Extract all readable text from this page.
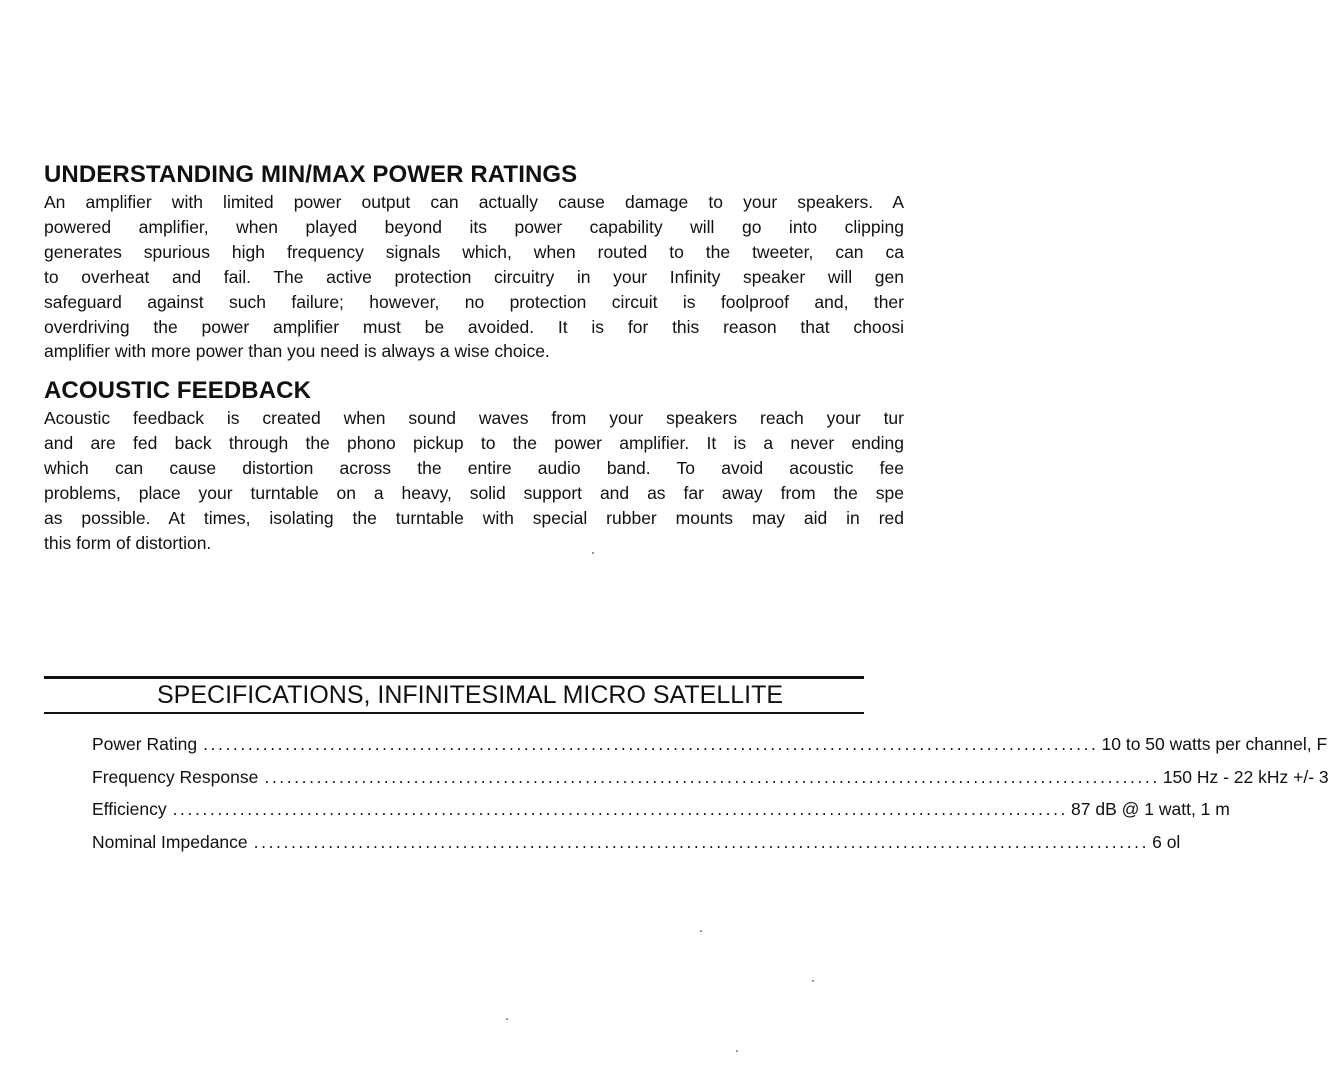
UNDERSTANDING MIN/MAX POWER RATINGS
An amplifier with limited power output can actually cause damage to your speakers. A
powered amplifier, when played beyond its power capability will go into clipping
generates spurious high frequency signals which, when routed to the tweeter, can ca
to overheat and fail. The active protection circuitry in your Infinity speaker will gen
safeguard against such failure; however, no protection circuit is foolproof and, ther
overdriving the power amplifier must be avoided. It is for this reason that choosi
amplifier with more power than you need is always a wise choice.
ACOUSTIC FEEDBACK
Acoustic feedback is created when sound waves from your speakers reach your tur
and are fed back through the phono pickup to the power amplifier. It is a never ending
which can cause distortion across the entire audio band. To avoid acoustic fee
problems, place your turntable on a heavy, solid support and as far away from the spe
as possible. At times, isolating the turntable with special rubber mounts may aid in red
this form of distortion.
SPECIFICATIONS, INFINITESIMAL MICRO SATELLITE
Power Rating ........................................................................................................................ 10 to 50 watts per channel, F
Frequency Response ........................................................................................................................ 150 Hz - 22 kHz +/- 3
Efficiency ........................................................................................................................ 87 dB @ 1 watt, 1 m
Nominal Impedance ........................................................................................................................ 6 ol
